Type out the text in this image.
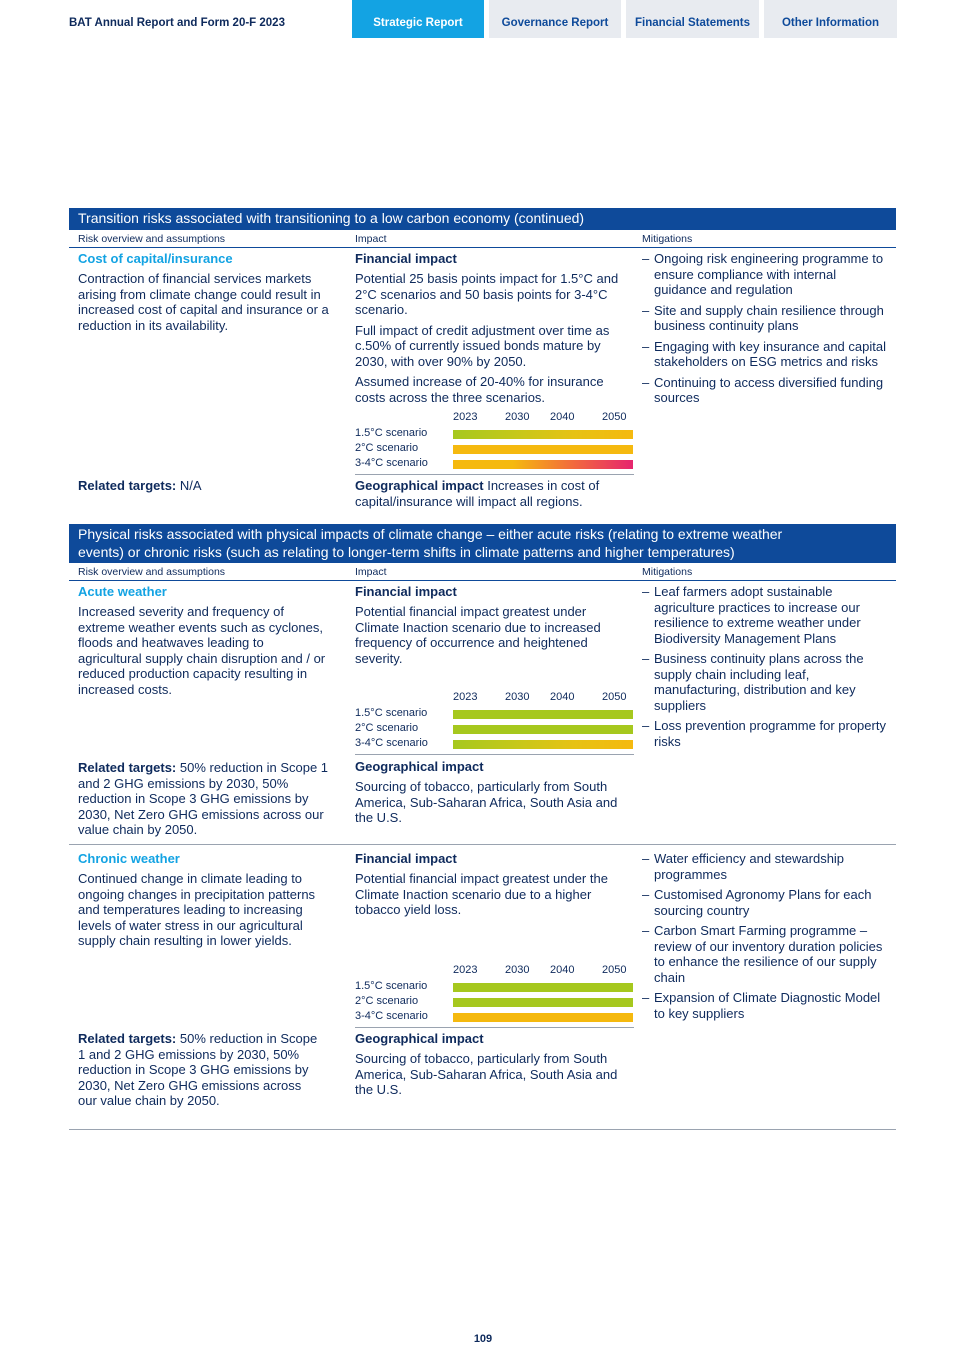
BAT Annual Report and Form 20-F 2023	Strategic Report	Governance Report	Financial Statements	Other Information
Transition risks associated with transitioning to a low carbon economy (continued)
Risk overview and assumptions	Impact	Mitigations
Cost of capital/insurance
Contraction of financial services markets arising from climate change could result in increased cost of capital and insurance or a reduction in its availability.
Related targets: N/A
Financial impact
Potential 25 basis points impact for 1.5°C and 2°C scenarios and 50 basis points for 3-4°C scenario.
Full impact of credit adjustment over time as c.50% of currently issued bonds mature by 2030, with over 90% by 2050.
Assumed increase of 20-40% for insurance costs across the three scenarios.
2023	2030 2040	2050
1.5°C scenario
2°C scenario
3-4°C scenario
Geographical impact Increases in cost of capital/insurance will impact all regions.
– Ongoing risk engineering programme to ensure compliance with internal guidance and regulation
– Site and supply chain resilience through business continuity plans
– Engaging with key insurance and capital stakeholders on ESG metrics and risks
– Continuing to access diversified funding sources
Physical risks associated with physical impacts of climate change – either acute risks (relating to extreme weather
events) or chronic risks (such as relating to longer-term shifts in climate patterns and higher temperatures)
Risk overview and assumptions	Impact	Mitigations
Acute weather
Increased severity and frequency of extreme weather events such as cyclones, floods and heatwaves leading to agricultural supply chain disruption and / or reduced production capacity resulting in increased costs.
Related targets: 50% reduction in Scope 1 and 2 GHG emissions by 2030, 50% reduction in Scope 3 GHG emissions by 2030, Net Zero GHG emissions across our value chain by 2050.
Financial impact
Potential financial impact greatest under Climate Inaction scenario due to increased frequency of occurrence and heightened severity.
2023	2030 2040	2050
1.5°C scenario
2°C scenario
3-4°C scenario
Geographical impact
Sourcing of tobacco, particularly from South America, Sub-Saharan Africa, South Asia and the U.S.
– Leaf farmers adopt sustainable agriculture practices to increase our resilience to extreme weather under Biodiversity Management Plans
– Business continuity plans across the supply chain including leaf, manufacturing, distribution and key suppliers
– Loss prevention programme for property risks
Chronic weather
Continued change in climate leading to ongoing changes in precipitation patterns and temperatures leading to increasing levels of water stress in our agricultural supply chain resulting in lower yields.
Related targets: 50% reduction in Scope 1 and 2 GHG emissions by 2030, 50% reduction in Scope 3 GHG emissions by 2030, Net Zero GHG emissions across our value chain by 2050.
Financial impact
Potential financial impact greatest under the Climate Inaction scenario due to a higher tobacco yield loss.
2023	2030 2040	2050
1.5°C scenario
2°C scenario
3-4°C scenario
Geographical impact
Sourcing of tobacco, particularly from South America, Sub-Saharan Africa, South Asia and the U.S.
– Water efficiency and stewardship programmes
– Customised Agronomy Plans for each sourcing country
– Carbon Smart Farming programme – review of our inventory duration policies to enhance the resilience of our supply chain
– Expansion of Climate Diagnostic Model to key suppliers
109
